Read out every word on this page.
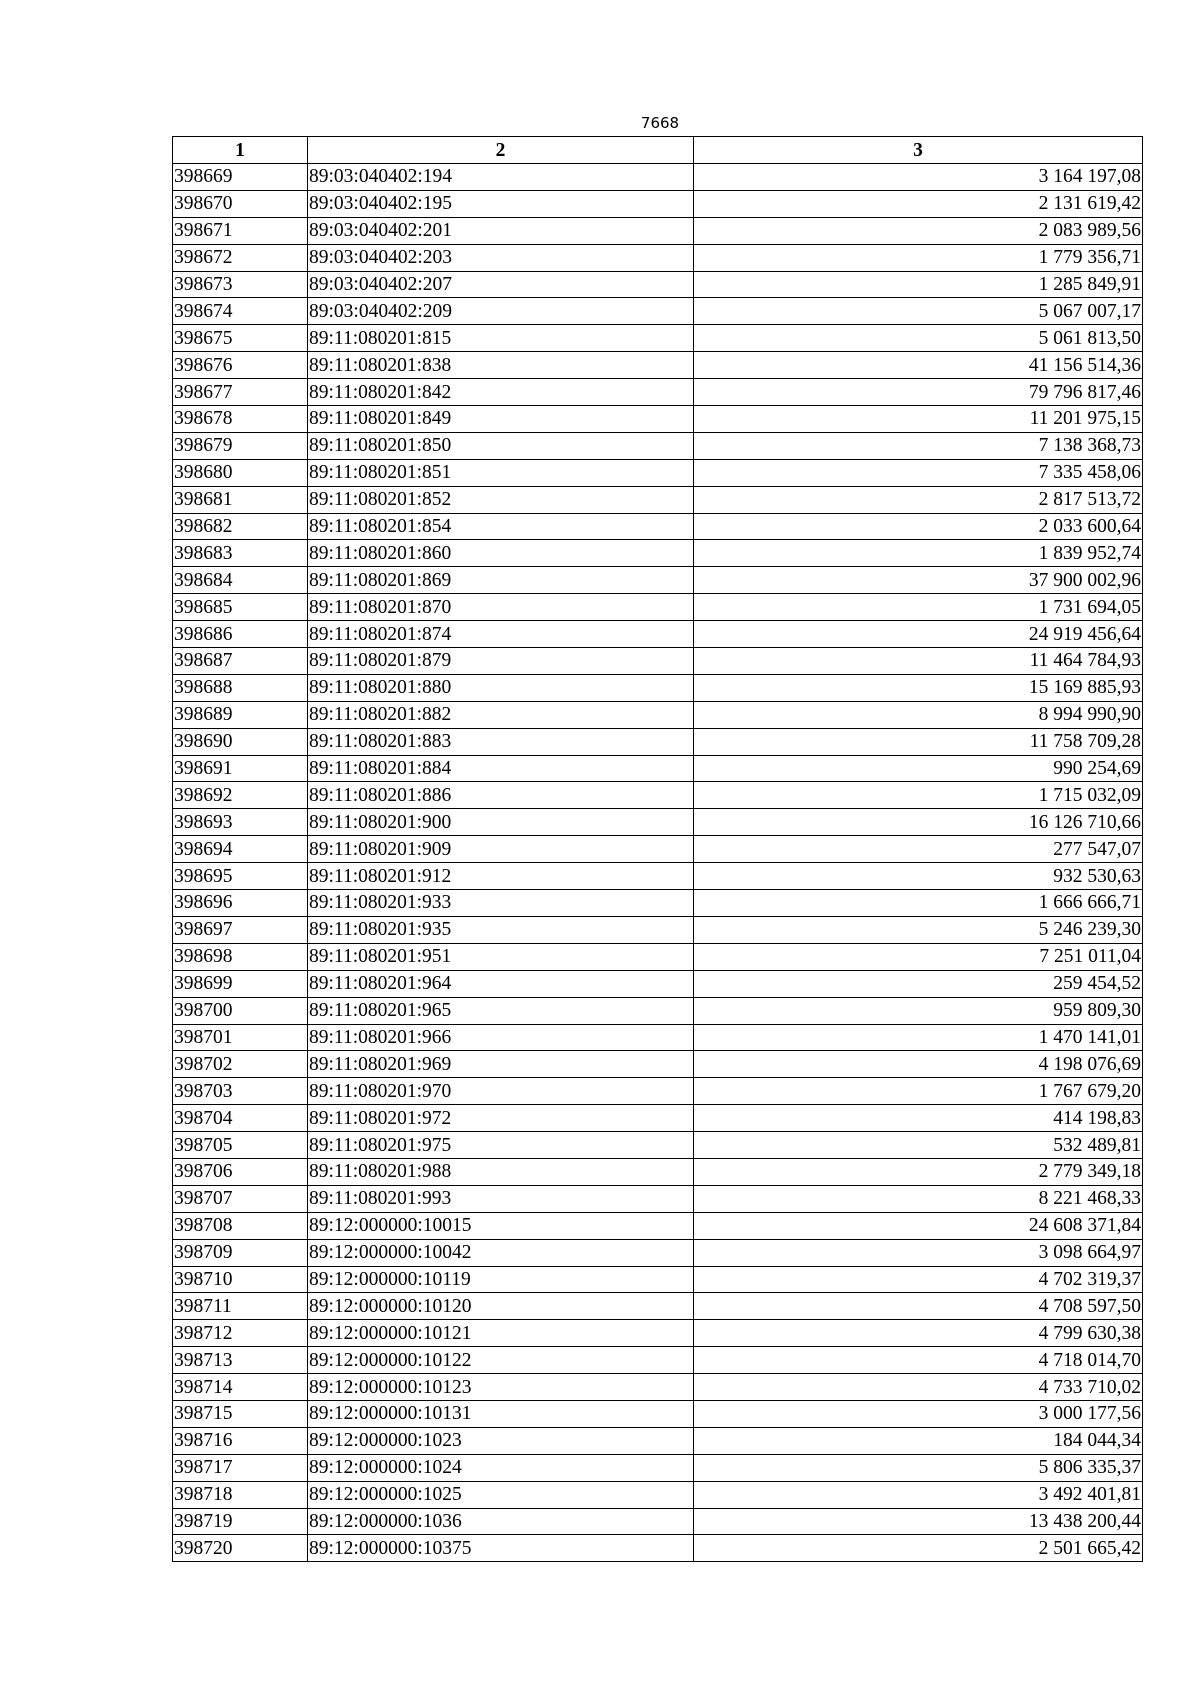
7668
1	2	3
398669	89:03:040402:194	3 164 197,08
398670	89:03:040402:195	2 131 619,42
398671	89:03:040402:201	2 083 989,56
398672	89:03:040402:203	1 779 356,71
398673	89:03:040402:207	1 285 849,91
398674	89:03:040402:209	5 067 007,17
398675	89:11:080201:815	5 061 813,50
398676	89:11:080201:838	41 156 514,36
398677	89:11:080201:842	79 796 817,46
398678	89:11:080201:849	11 201 975,15
398679	89:11:080201:850	7 138 368,73
398680	89:11:080201:851	7 335 458,06
398681	89:11:080201:852	2 817 513,72
398682	89:11:080201:854	2 033 600,64
398683	89:11:080201:860	1 839 952,74
398684	89:11:080201:869	37 900 002,96
398685	89:11:080201:870	1 731 694,05
398686	89:11:080201:874	24 919 456,64
398687	89:11:080201:879	11 464 784,93
398688	89:11:080201:880	15 169 885,93
398689	89:11:080201:882	8 994 990,90
398690	89:11:080201:883	11 758 709,28
398691	89:11:080201:884	990 254,69
398692	89:11:080201:886	1 715 032,09
398693	89:11:080201:900	16 126 710,66
398694	89:11:080201:909	277 547,07
398695	89:11:080201:912	932 530,63
398696	89:11:080201:933	1 666 666,71
398697	89:11:080201:935	5 246 239,30
398698	89:11:080201:951	7 251 011,04
398699	89:11:080201:964	259 454,52
398700	89:11:080201:965	959 809,30
398701	89:11:080201:966	1 470 141,01
398702	89:11:080201:969	4 198 076,69
398703	89:11:080201:970	1 767 679,20
398704	89:11:080201:972	414 198,83
398705	89:11:080201:975	532 489,81
398706	89:11:080201:988	2 779 349,18
398707	89:11:080201:993	8 221 468,33
398708	89:12:000000:10015	24 608 371,84
398709	89:12:000000:10042	3 098 664,97
398710	89:12:000000:10119	4 702 319,37
398711	89:12:000000:10120	4 708 597,50
398712	89:12:000000:10121	4 799 630,38
398713	89:12:000000:10122	4 718 014,70
398714	89:12:000000:10123	4 733 710,02
398715	89:12:000000:10131	3 000 177,56
398716	89:12:000000:1023	184 044,34
398717	89:12:000000:1024	5 806 335,37
398718	89:12:000000:1025	3 492 401,81
398719	89:12:000000:1036	13 438 200,44
398720	89:12:000000:10375	2 501 665,42
